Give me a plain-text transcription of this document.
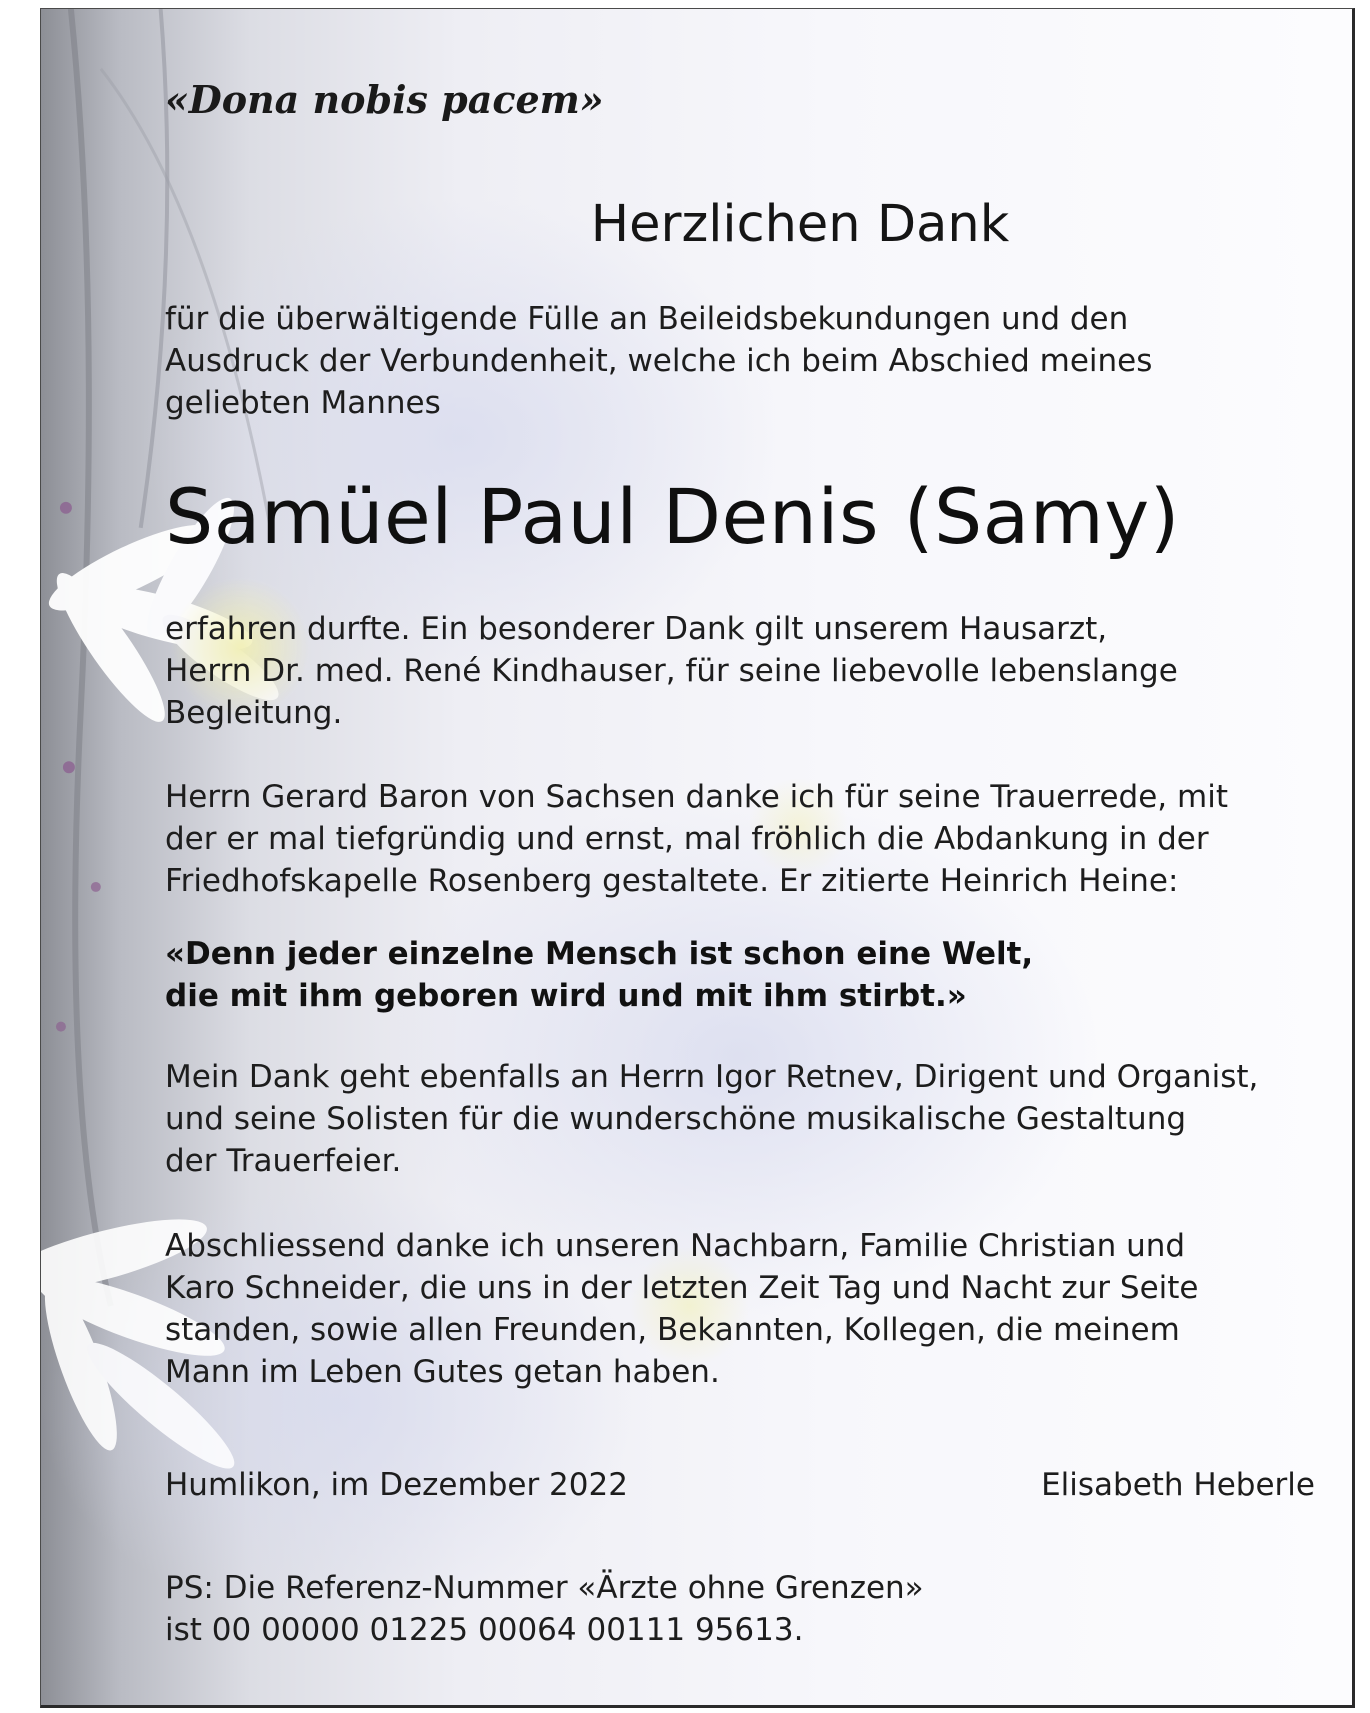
«Dona nobis pacem»
Herzlichen Dank
für die überwältigende Fülle an Beileidsbekundungen und den
Ausdruck der Verbundenheit, welche ich beim Abschied meines
geliebten Mannes
Samüel Paul Denis (Samy)
erfahren durfte. Ein besonderer Dank gilt unserem Hausarzt,
Herrn Dr. med. René Kindhauser, für seine liebevolle lebenslange
Begleitung.
Herrn Gerard Baron von Sachsen danke ich für seine Trauerrede, mit
der er mal tiefgründig und ernst, mal fröhlich die Abdankung in der
Friedhofskapelle Rosenberg gestaltete. Er zitierte Heinrich Heine:
«Denn jeder einzelne Mensch ist schon eine Welt,
die mit ihm geboren wird und mit ihm stirbt.»
Mein Dank geht ebenfalls an Herrn Igor Retnev, Dirigent und Organist,
und seine Solisten für die wunderschöne musikalische Gestaltung
der Trauerfeier.
Abschliessend danke ich unseren Nachbarn, Familie Christian und
Karo Schneider, die uns in der letzten Zeit Tag und Nacht zur Seite
standen, sowie allen Freunden, Bekannten, Kollegen, die meinem
Mann im Leben Gutes getan haben.
Humlikon, im Dezember 2022	Elisabeth Heberle
PS: Die Referenz-Nummer «Ärzte ohne Grenzen»
ist 00 00000 01225 00064 00111 95613.
